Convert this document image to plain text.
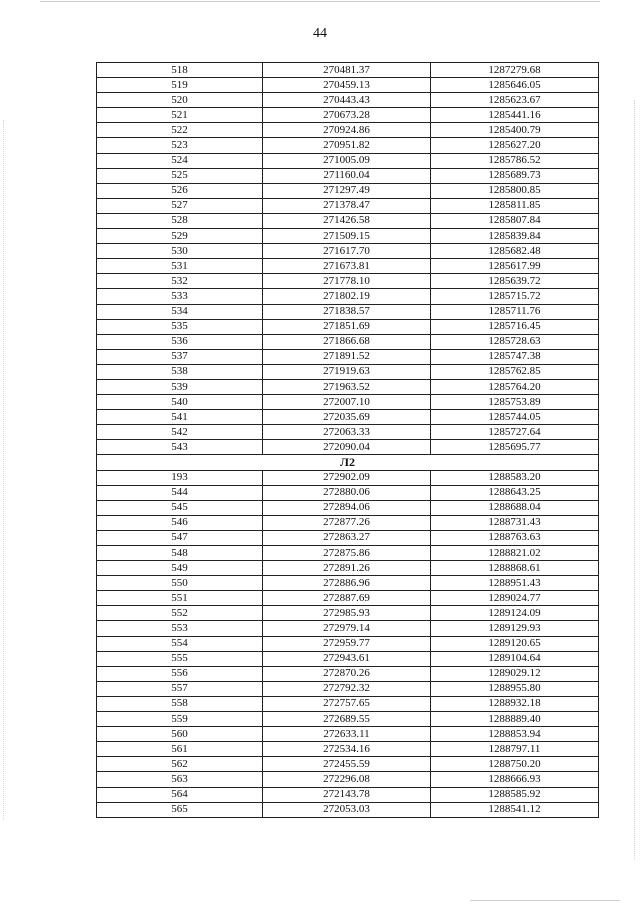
44
518	270481.37	1287279.68
519	270459.13	1285646.05
520	270443.43	1285623.67
521	270673.28	1285441.16
522	270924.86	1285400.79
523	270951.82	1285627.20
524	271005.09	1285786.52
525	271160.04	1285689.73
526	271297.49	1285800.85
527	271378.47	1285811.85
528	271426.58	1285807.84
529	271509.15	1285839.84
530	271617.70	1285682.48
531	271673.81	1285617.99
532	271778.10	1285639.72
533	271802.19	1285715.72
534	271838.57	1285711.76
535	271851.69	1285716.45
536	271866.68	1285728.63
537	271891.52	1285747.38
538	271919.63	1285762.85
539	271963.52	1285764.20
540	272007.10	1285753.89
541	272035.69	1285744.05
542	272063.33	1285727.64
543	272090.04	1285695.77
Л2		
193	272902.09	1288583.20
544	272880.06	1288643.25
545	272894.06	1288688.04
546	272877.26	1288731.43
547	272863.27	1288763.63
548	272875.86	1288821.02
549	272891.26	1288868.61
550	272886.96	1288951.43
551	272887.69	1289024.77
552	272985.93	1289124.09
553	272979.14	1289129.93
554	272959.77	1289120.65
555	272943.61	1289104.64
556	272870.26	1289029.12
557	272792.32	1288955.80
558	272757.65	1288932.18
559	272689.55	1288889.40
560	272633.11	1288853.94
561	272534.16	1288797.11
562	272455.59	1288750.20
563	272296.08	1288666.93
564	272143.78	1288585.92
565	272053.03	1288541.12
